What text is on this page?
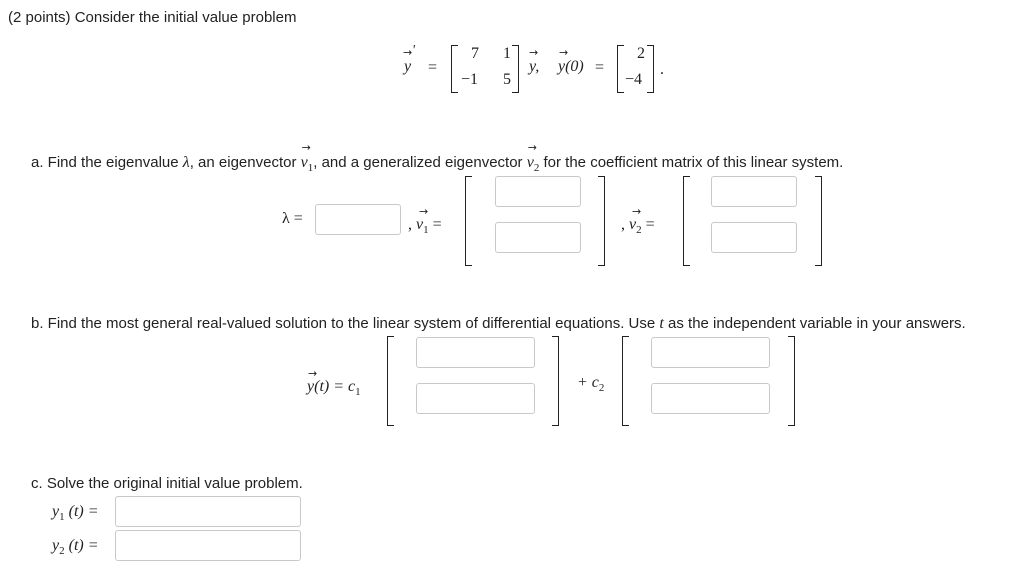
(2 points) Consider the initial value problem
→ '
y =
7 1
−1 5
→
y,
→
y(0) =
2
−4
.
a. Find the eigenvalue λ, an eigenvector
→
$v_1$, and a generalized eigenvector
→
$v_2$ for the coefficient matrix of this linear system.
λ =	→
, $v_1$ =
→
, $v_2$ =
b. Find the most general real-valued solution to the linear system of differential equations. Use t as the independent variable in your answers.
→
$y(t) = c_1$
+ $c_2$
c. Solve the original initial value problem.
$y_1$ (t) =
$y_2$ (t) =
